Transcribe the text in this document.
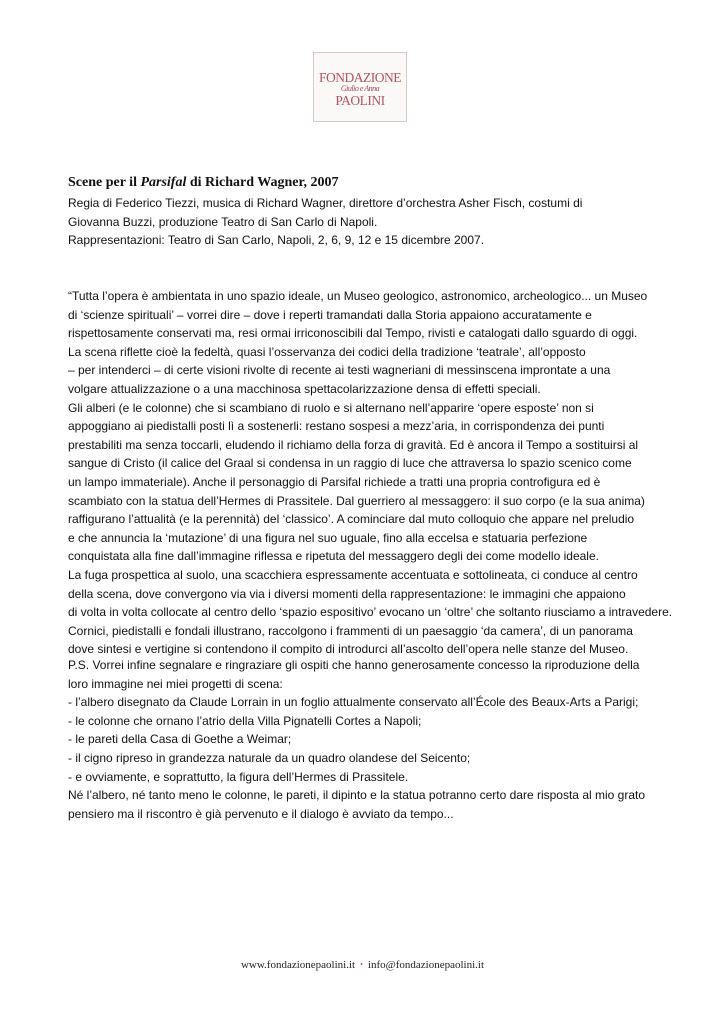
FONDAZIONE
Giulio e Anna
PAOLINI
Scene per il Parsifal di Richard Wagner, 2007
Regia di Federico Tiezzi, musica di Richard Wagner, direttore d’orchestra Asher Fisch, costumi di
Giovanna Buzzi, produzione Teatro di San Carlo di Napoli.
Rappresentazioni: Teatro di San Carlo, Napoli, 2, 6, 9, 12 e 15 dicembre 2007.
“Tutta l’opera è ambientata in uno spazio ideale, un Museo geologico, astronomico, archeologico... un Museo
di ‘scienze spirituali’ – vorrei dire – dove i reperti tramandati dalla Storia appaiono accuratamente e
rispettosamente conservati ma, resi ormai irriconoscibili dal Tempo, rivisti e catalogati dallo sguardo di oggi.
La scena riflette cioè la fedeltà, quasi l’osservanza dei codici della tradizione ‘teatrale’, all’opposto
– per intenderci – di certe visioni rivolte di recente ai testi wagneriani di messinscena improntate a una
volgare attualizzazione o a una macchinosa spettacolarizzazione densa di effetti speciali.
Gli alberi (e le colonne) che si scambiano di ruolo e si alternano nell’apparire ‘opere esposte’ non si
appoggiano ai piedistalli posti lì a sostenerli: restano sospesi a mezz’aria, in corrispondenza dei punti
prestabiliti ma senza toccarli, eludendo il richiamo della forza di gravità. Ed è ancora il Tempo a sostituirsi al
sangue di Cristo (il calice del Graal si condensa in un raggio di luce che attraversa lo spazio scenico come
un lampo immateriale). Anche il personaggio di Parsifal richiede a tratti una propria controfigura ed è
scambiato con la statua dell’Hermes di Prassitele. Dal guerriero al messaggero: il suo corpo (e la sua anima)
raffigurano l’attualità (e la perennità) del ‘classico’. A cominciare dal muto colloquio che appare nel preludio
e che annuncia la ‘mutazione’ di una figura nel suo uguale, fino alla eccelsa e statuaria perfezione
conquistata alla fine dall’immagine riflessa e ripetuta del messaggero degli dei come modello ideale.
La fuga prospettica al suolo, una scacchiera espressamente accentuata e sottolineata, ci conduce al centro
della scena, dove convergono via via i diversi momenti della rappresentazione: le immagini che appaiono
di volta in volta collocate al centro dello ‘spazio espositivo’ evocano un ‘oltre’ che soltanto riusciamo a intravedere.
Cornici, piedistalli e fondali illustrano, raccolgono i frammenti di un paesaggio ‘da camera’, di un panorama
dove sintesi e vertigine si contendono il compito di introdurci all’ascolto dell’opera nelle stanze del Museo.
P.S. Vorrei infine segnalare e ringraziare gli ospiti che hanno generosamente concesso la riproduzione della
loro immagine nei miei progetti di scena:
- l’albero disegnato da Claude Lorrain in un foglio attualmente conservato all’École des Beaux-Arts a Parigi;
- le colonne che ornano l’atrio della Villa Pignatelli Cortes a Napoli;
- le pareti della Casa di Goethe a Weimar;
- il cigno ripreso in grandezza naturale da un quadro olandese del Seicento;
- e ovviamente, e soprattutto, la figura dell’Hermes di Prassitele.
Né l’albero, né tanto meno le colonne, le pareti, il dipinto e la statua potranno certo dare risposta al mio grato
pensiero ma il riscontro è già pervenuto e il dialogo è avviato da tempo...
www.fondazionepaolini.it • info@fondazionepaolini.it
